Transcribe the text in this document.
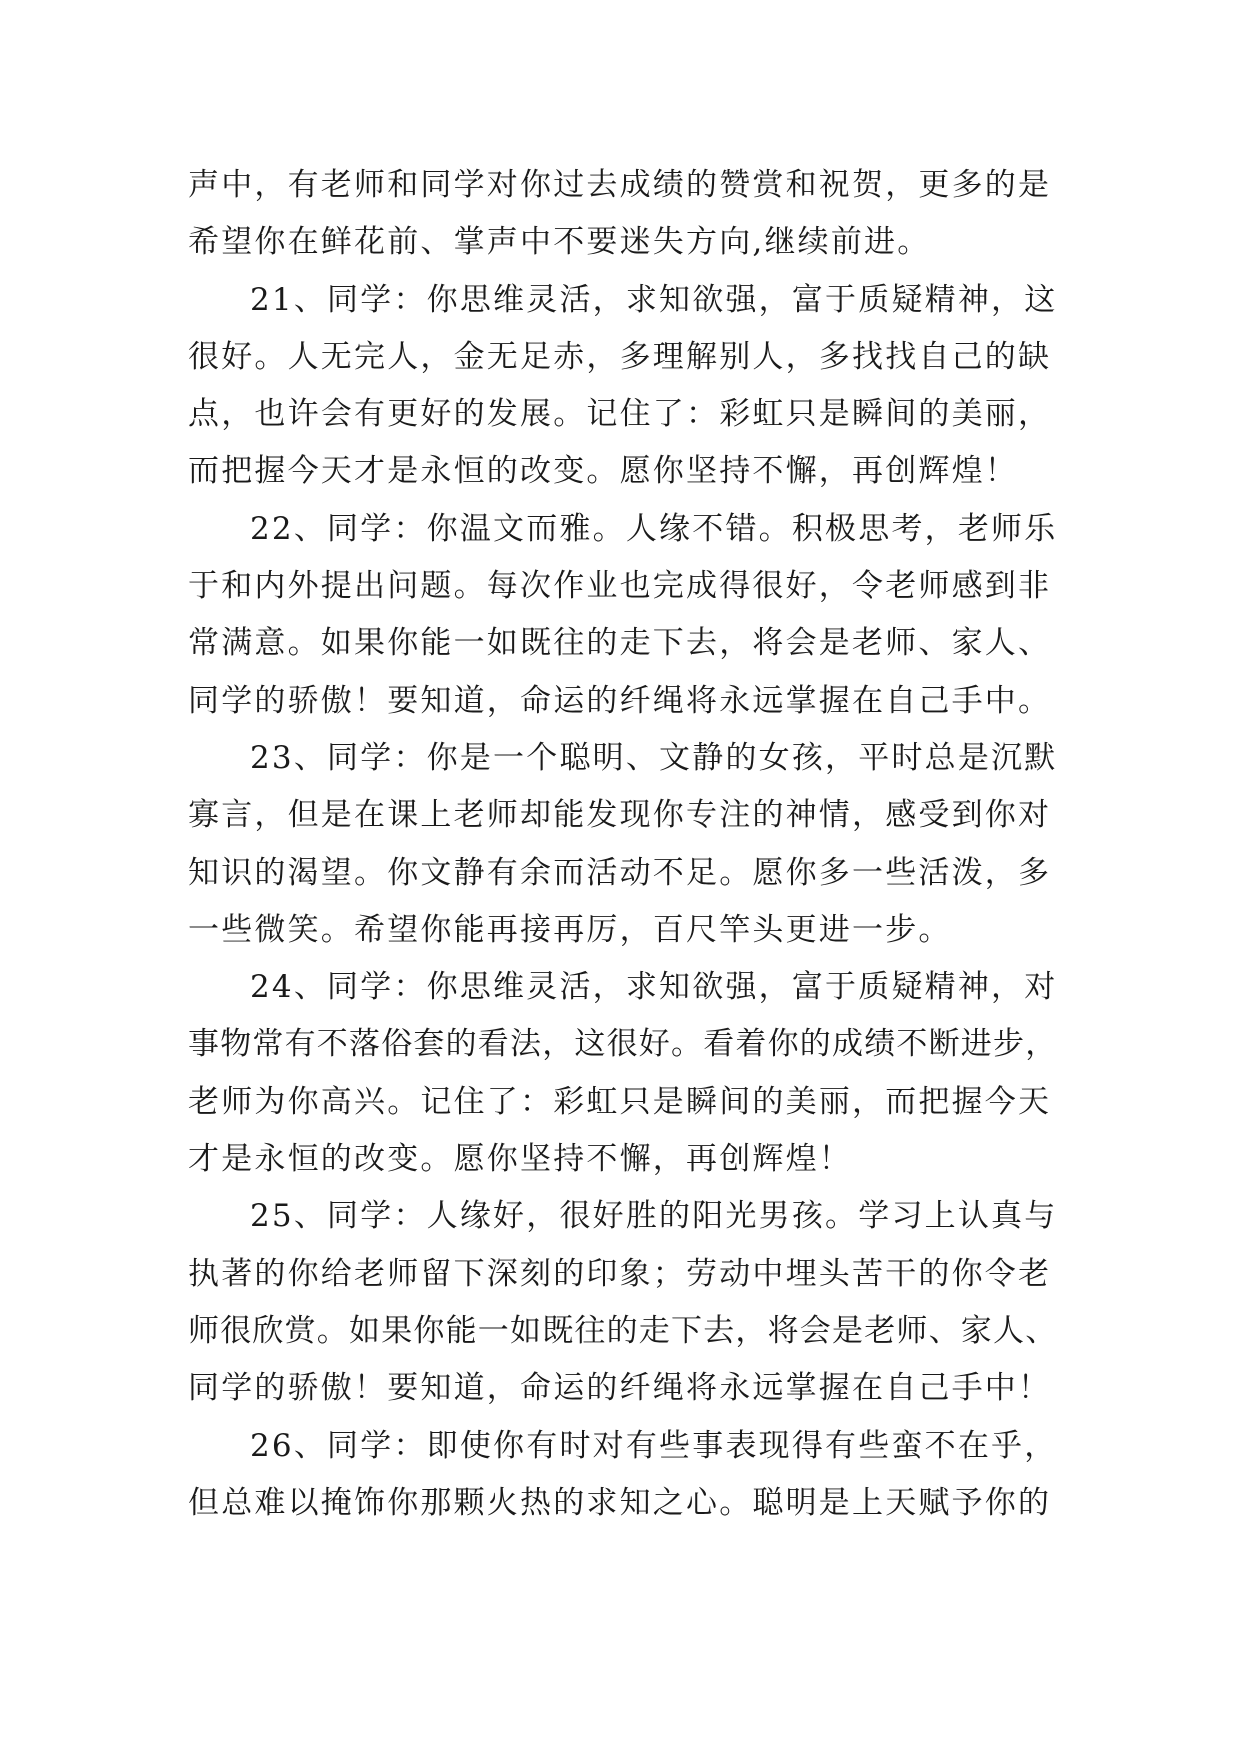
声中，有老师和同学对你过去成绩的赞赏和祝贺，更多的是
希望你在鲜花前、掌声中不要迷失方向,继续前进。
21、同学：你思维灵活，求知欲强，富于质疑精神，这
很好。人无完人，金无足赤，多理解别人，多找找自己的缺
点，也许会有更好的发展。记住了：彩虹只是瞬间的美丽，
而把握今天才是永恒的改变。愿你坚持不懈，再创辉煌！
22、同学：你温文而雅。人缘不错。积极思考，老师乐
于和内外提出问题。每次作业也完成得很好，令老师感到非
常满意。如果你能一如既往的走下去，将会是老师、家人、
同学的骄傲！要知道，命运的纤绳将永远掌握在自己手中。
23、同学：你是一个聪明、文静的女孩，平时总是沉默
寡言，但是在课上老师却能发现你专注的神情，感受到你对
知识的渴望。你文静有余而活动不足。愿你多一些活泼，多
一些微笑。希望你能再接再厉，百尺竿头更进一步。
24、同学：你思维灵活，求知欲强，富于质疑精神，对
事物常有不落俗套的看法，这很好。看着你的成绩不断进步，
老师为你高兴。记住了：彩虹只是瞬间的美丽，而把握今天
才是永恒的改变。愿你坚持不懈，再创辉煌！
25、同学：人缘好，很好胜的阳光男孩。学习上认真与
执著的你给老师留下深刻的印象；劳动中埋头苦干的你令老
师很欣赏。如果你能一如既往的走下去，将会是老师、家人、
同学的骄傲！要知道，命运的纤绳将永远掌握在自己手中！
26、同学：即使你有时对有些事表现得有些蛮不在乎，
但总难以掩饰你那颗火热的求知之心。聪明是上天赋予你的
